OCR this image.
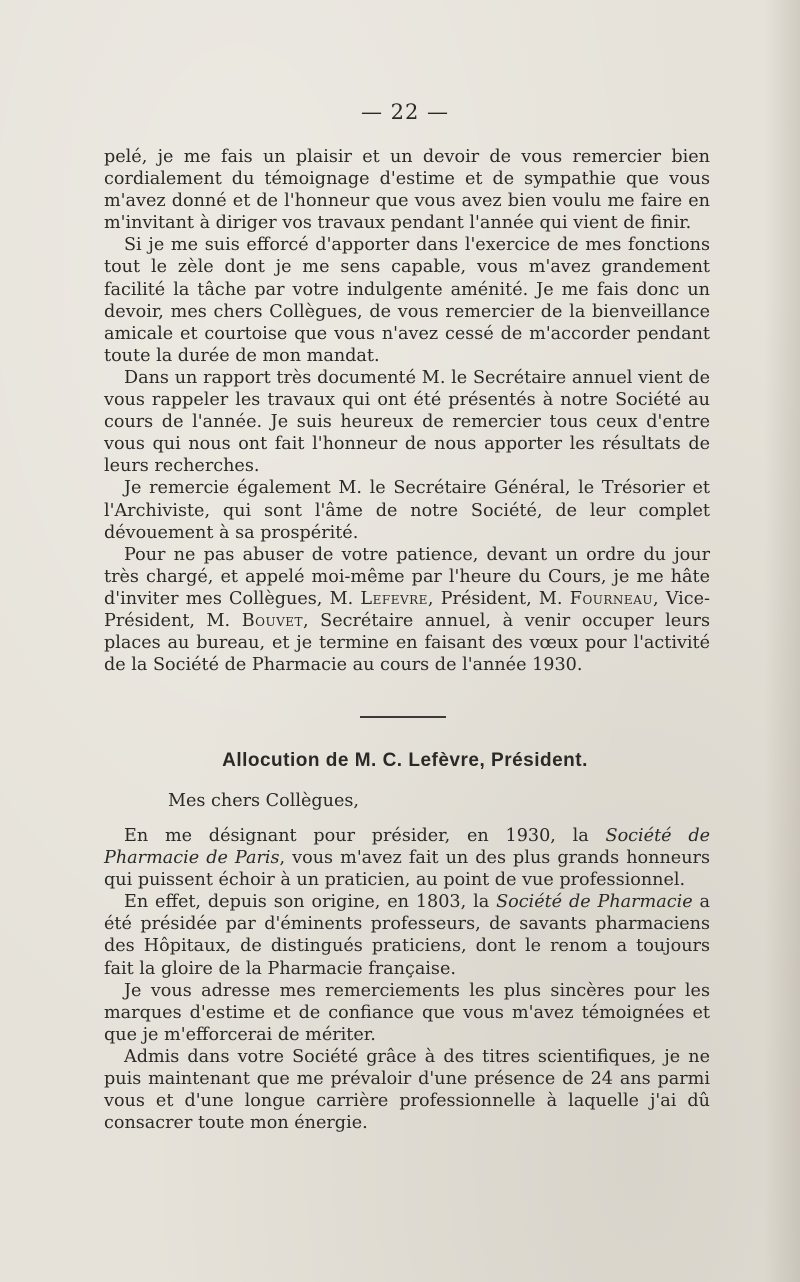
— 22 —

pelé, je me fais un plaisir et un devoir de vous remercier bien cordialement du témoignage d'estime et de sympathie que vous m'avez donné et de l'honneur que vous avez bien voulu me faire en m'invitant à diriger vos travaux pendant l'année qui vient de finir.

Si je me suis efforcé d'apporter dans l'exercice de mes fonctions tout le zèle dont je me sens capable, vous m'avez grandement facilité la tâche par votre indulgente aménité. Je me fais donc un devoir, mes chers Collègues, de vous remercier de la bienveillance amicale et courtoise que vous n'avez cessé de m'accorder pendant toute la durée de mon mandat.

Dans un rapport très documenté M. le Secrétaire annuel vient de vous rappeler les travaux qui ont été présentés à notre Société au cours de l'année. Je suis heureux de remercier tous ceux d'entre vous qui nous ont fait l'honneur de nous apporter les résultats de leurs recherches.

Je remercie également M. le Secrétaire Général, le Trésorier et l'Archiviste, qui sont l'âme de notre Société, de leur complet dévouement à sa prospérité.

Pour ne pas abuser de votre patience, devant un ordre du jour très chargé, et appelé moi-même par l'heure du Cours, je me hâte d'inviter mes Collègues, M. Lefevre, Président, M. Fourneau, Vice-Président, M. Bouvet, Secrétaire annuel, à venir occuper leurs places au bureau, et je termine en faisant des vœux pour l'activité de la Société de Pharmacie au cours de l'année 1930.

Allocution de M. C. Lefèvre, Président.
Mes chers Collègues,

En me désignant pour présider, en 1930, la Société de Pharmacie de Paris, vous m'avez fait un des plus grands honneurs qui puissent échoir à un praticien, au point de vue professionnel.

En effet, depuis son origine, en 1803, la Société de Pharmacie a été présidée par d'éminents professeurs, de savants pharmaciens des Hôpitaux, de distingués praticiens, dont le renom a toujours fait la gloire de la Pharmacie française.

Je vous adresse mes remerciements les plus sincères pour les marques d'estime et de confiance que vous m'avez témoignées et que je m'efforcerai de mériter.

Admis dans votre Société grâce à des titres scientifiques, je ne puis maintenant que me prévaloir d'une présence de 24 ans parmi vous et d'une longue carrière professionnelle à laquelle j'ai dû consacrer toute mon énergie.
